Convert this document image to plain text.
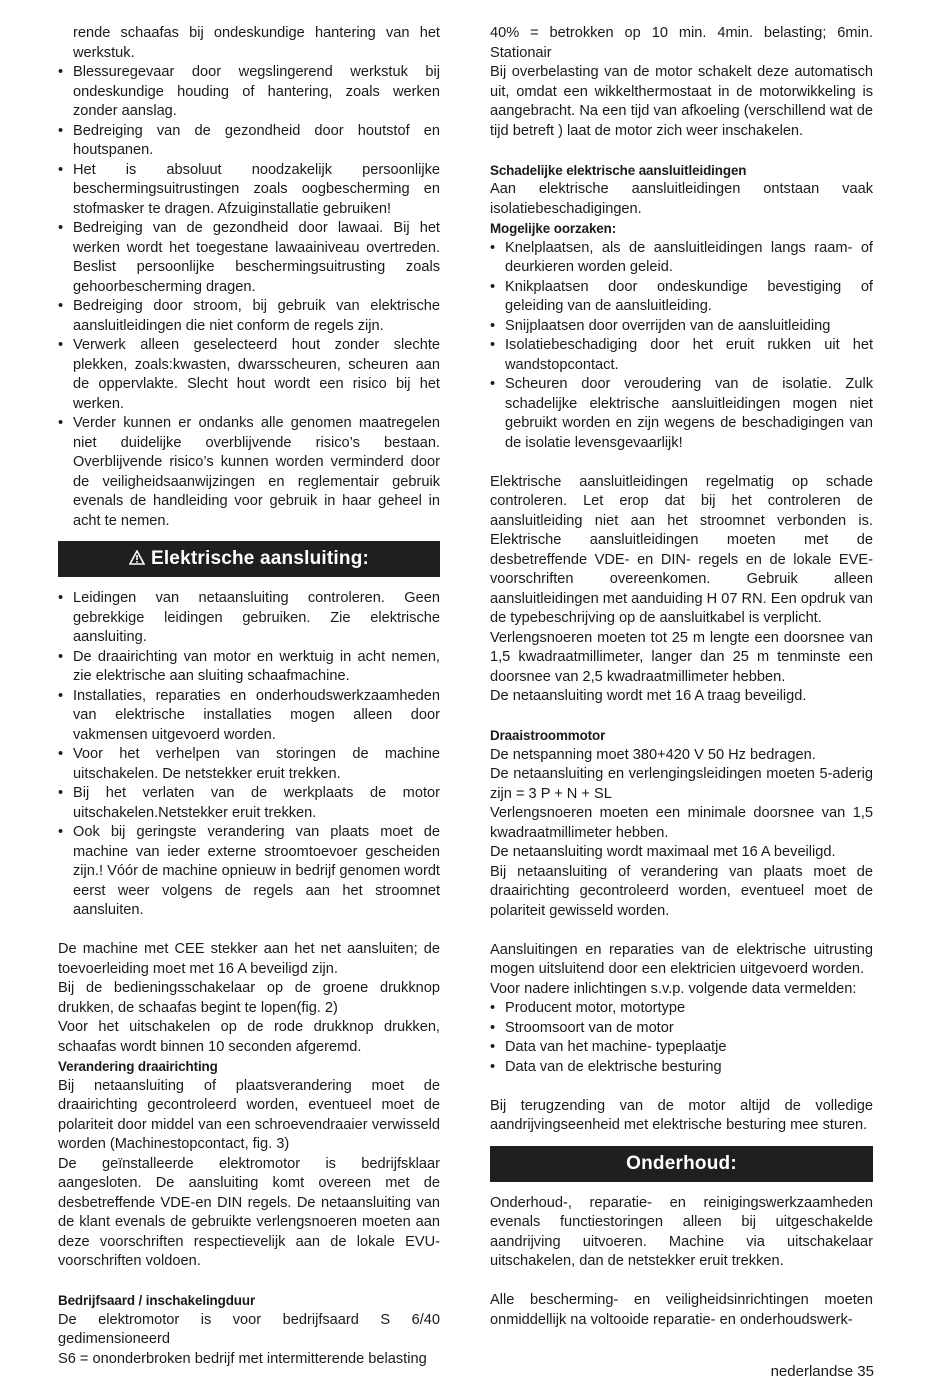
rende schaafas bij ondeskundige hantering van het werkstuk.

• Blessuregevaar door wegslingerend werkstuk bij ondeskundige houding of hantering, zoals werken zonder aanslag.
• Bedreiging van de gezondheid door houtstof en houtspanen.
• Het is absoluut noodzakelijk persoonlijke beschermingsuitrustingen zoals oogbescherming en stofmasker te dragen. Afzuiginstallatie gebruiken!
• Bedreiging van de gezondheid door lawaai. Bij het werken wordt het toegestane lawaainiveau overtreden. Beslist persoonlijke beschermingsuitrusting zoals gehoorbescherming dragen.
• Bedreiging door stroom, bij gebruik van elektrische aansluitleidingen die niet conform de regels zijn.
• Verwerk alleen geselecteerd hout zonder slechte plekken, zoals:kwasten, dwarsscheuren, scheuren aan de oppervlakte. Slecht hout wordt een risico bij het werken.
• Verder kunnen er ondanks alle genomen maatregelen niet duidelijke overblijvende risico’s bestaan. Overblijvende risico’s kunnen worden verminderd door de veiligheidsaanwijzingen en reglementair gebruik evenals de handleiding voor gebruik in haar geheel in acht te nemen.
Elektrische aansluiting:
• Leidingen van netaansluiting controleren. Geen gebrekkige leidingen gebruiken. Zie elektrische aansluiting.
• De draairichting van motor en werktuig in acht nemen, zie elektrische aan sluiting schaafmachine.
• Installaties, reparaties en onderhoudswerkzaamheden van elektrische installaties mogen alleen door vakmensen uitgevoerd worden.
• Voor het verhelpen van storingen de machine uitschakelen. De netstekker eruit trekken.
• Bij het verlaten van de werkplaats de motor uitschakelen.Netstekker eruit trekken.
• Ook bij geringste verandering van plaats moet de machine van ieder externe stroomtoevoer gescheiden zijn.! Vóór de machine opnieuw in bedrijf genomen wordt eerst weer volgens de regels aan het stroomnet aansluiten.

De machine met CEE stekker aan het net aansluiten; de toevoerleiding moet met 16 A beveiligd zijn.

Bij de bedieningsschakelaar op de groene drukknop drukken, de schaafas begint te lopen(fig. 2)

Voor het uitschakelen op de rode drukknop drukken, schaafas wordt binnen 10 seconden afgeremd.

Verandering draairichting

Bij netaansluiting of plaatsverandering moet de draairichting gecontroleerd worden, eventueel moet de polariteit door middel van een schroevendraaier verwisseld worden (Machinestopcontact, fig. 3)

De geïnstalleerde elektromotor is bedrijfsklaar aangesloten. De aansluiting komt overeen met de desbetreffende VDE-en DIN regels. De netaansluiting van de klant evenals de gebruikte verlengsnoeren moeten aan deze voorschriften respectievelijk aan de lokale EVU- voorschriften voldoen.

Bedrijfsaard / inschakelingduur

De elektromotor is voor bedrijfsaard S 6/40 gedimensioneerd

S6 = ononderbroken bedrijf met intermitterende belasting

40% = betrokken op 10 min. 4min. belasting; 6min. Stationair

Bij overbelasting van de motor schakelt deze automatisch uit, omdat een wikkelthermostaat in de motorwikkeling is aangebracht. Na een tijd van afkoeling (verschillend wat de tijd betreft ) laat de motor zich weer inschakelen.

Schadelijke elektrische aansluitleidingen

Aan elektrische aansluitleidingen ontstaan vaak isolatiebeschadigingen.

Mogelijke oorzaken:

• Knelplaatsen, als de aansluitleidingen langs raam- of deurkieren worden geleid.
• Knikplaatsen door ondeskundige bevestiging of geleiding van de aansluitleiding.
• Snijplaatsen door overrijden van de aansluitleiding
• Isolatiebeschadiging door het eruit rukken uit het wandstopcontact.
• Scheuren door veroudering van de isolatie. Zulk schadelijke elektrische aansluitleidingen mogen niet gebruikt worden en zijn wegens de beschadigingen van de isolatie levensgevaarlijk!

Elektrische aansluitleidingen regelmatig op schade controleren. Let erop dat bij het controleren de aansluitleiding niet aan het stroomnet verbonden is. Elektrische aansluitleidingen moeten met de desbetreffende VDE- en DIN- regels en de lokale EVE- voorschriften overeenkomen. Gebruik alleen aansluitleidingen met aanduiding H 07 RN. Een opdruk van de typebeschrijving op de aansluitkabel is verplicht.

Verlengsnoeren moeten tot 25 m lengte een doorsnee van 1,5 kwadraatmillimeter, langer dan 25 m tenminste een doorsnee van 2,5 kwadraatmillimeter hebben.

De netaansluiting wordt met 16 A traag beveiligd.

Draaistroommotor

De netspanning moet 380+420 V 50 Hz bedragen.

De netaansluiting en verlengingsleidingen moeten 5-aderig zijn = 3 P + N + SL

Verlengsnoeren moeten een minimale doorsnee van 1,5 kwadraatmillimeter hebben.

De netaansluiting wordt maximaal met 16 A beveiligd.

Bij netaansluiting of verandering van plaats moet de draairichting gecontroleerd worden, eventueel moet de polariteit gewisseld worden.

Aansluitingen en reparaties van de elektrische uitrusting mogen uitsluitend door een elektricien uitgevoerd worden.

Voor nadere inlichtingen s.v.p. volgende data vermelden:

• Producent motor, motortype
• Stroomsoort van de motor
• Data van het machine- typeplaatje
• Data van de elektrische besturing

Bij terugzending van de motor altijd de volledige aandrijvingseenheid met elektrische besturing mee sturen.

Onderhoud:

Onderhoud-, reparatie- en reinigingswerkzaamheden evenals functiestoringen alleen bij uitgeschakelde aandrijving uitvoeren. Machine via uitschakelaar uitschakelen, dan de netstekker eruit trekken.

Alle bescherming- en veiligheidsinrichtingen moeten onmiddellijk na voltooide reparatie- en onderhoudswerk-

nederlandse 35
